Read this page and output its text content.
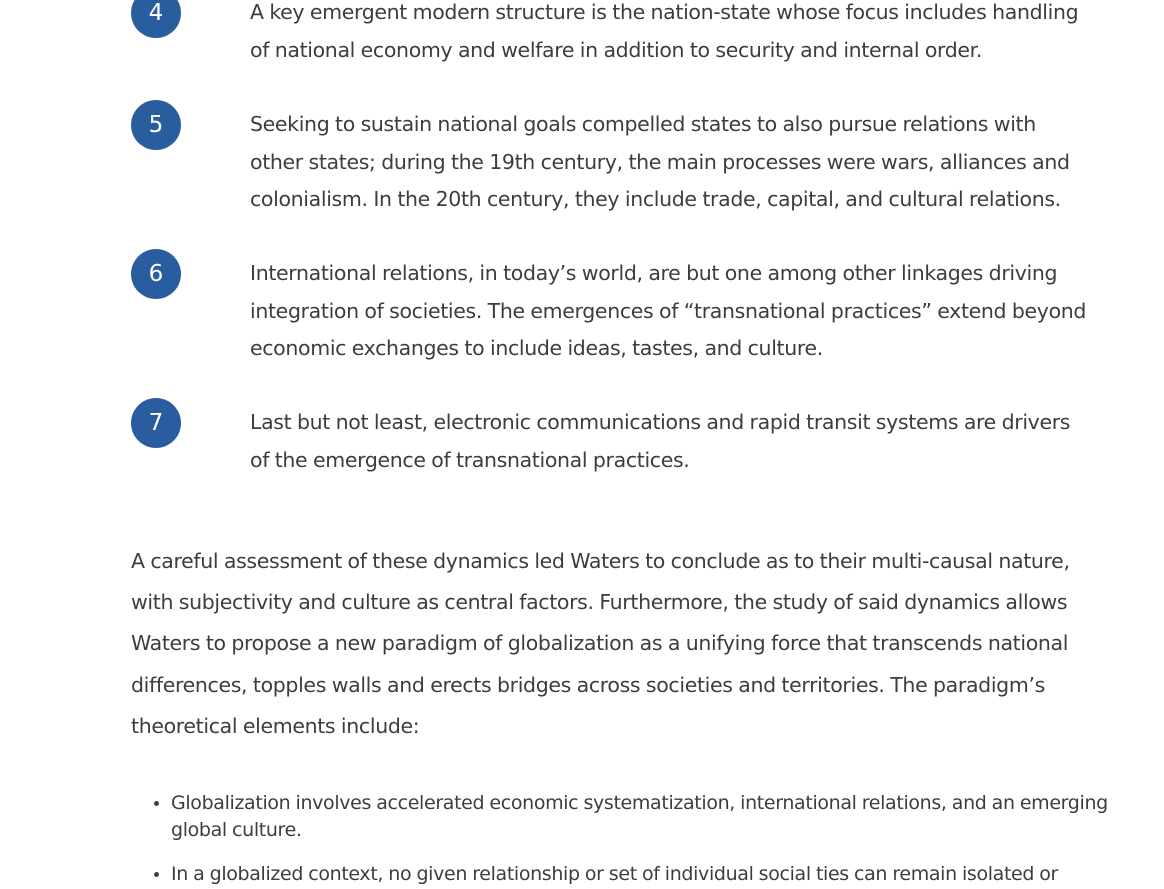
4	A key emergent modern structure is the nation-state whose focus includes handling of national economy and welfare in addition to security and internal order.

5	Seeking to sustain national goals compelled states to also pursue relations with other states; during the 19th century, the main processes were wars, alliances and colonialism. In the 20th century, they include trade, capital, and cultural relations.

6	International relations, in today’s world, are but one among other linkages driving integration of societies. The emergences of “transnational practices” extend beyond economic exchanges to include ideas, tastes, and culture.

7	Last but not least, electronic communications and rapid transit systems are drivers of the emergence of transnational practices.

A careful assessment of these dynamics led Waters to conclude as to their multi-causal nature, with subjectivity and culture as central factors. Furthermore, the study of said dynamics allows Waters to propose a new paradigm of globalization as a unifying force that transcends national differences, topples walls and erects bridges across societies and territories. The paradigm’s theoretical elements include:

• Globalization involves accelerated economic systematization, international relations, and an emerging global culture.
• In a globalized context, no given relationship or set of individual social ties can remain isolated or
